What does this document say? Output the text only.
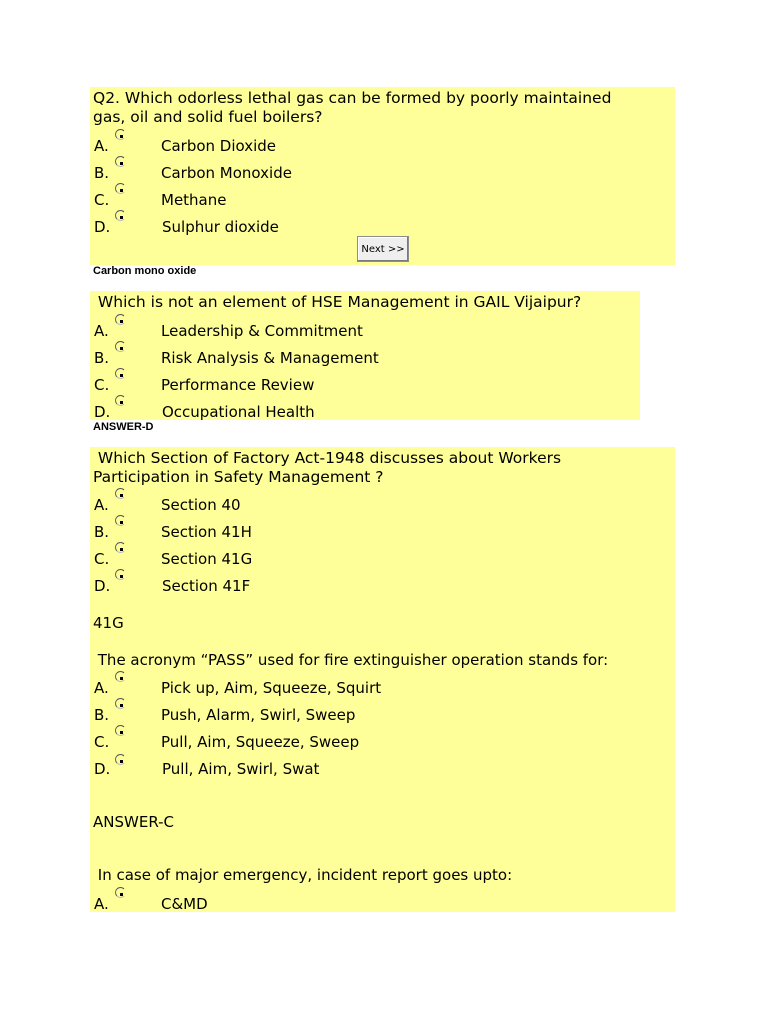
Q2. Which odorless lethal gas can be formed by poorly maintained
gas, oil and solid fuel boilers?
A.	Carbon Dioxide
B.	Carbon Monoxide
C.	Methane
D.	Sulphur dioxide
Next >>
Carbon mono oxide
Which is not an element of HSE Management in GAIL Vijaipur?
A.	Leadership & Commitment
B.	Risk Analysis & Management
C.	Performance Review
D.	Occupational Health
ANSWER-D
Which Section of Factory Act-1948 discusses about Workers
Participation in Safety Management ?
A.	Section 40
B.	Section 41H
C.	Section 41G
D.	Section 41F
41G
The acronym “PASS” used for fire extinguisher operation stands for:
A.	Pick up, Aim, Squeeze, Squirt
B.	Push, Alarm, Swirl, Sweep
C.	Pull, Aim, Squeeze, Sweep
D.	Pull, Aim, Swirl, Swat
ANSWER-C
In case of major emergency, incident report goes upto:
A.	C&MD
